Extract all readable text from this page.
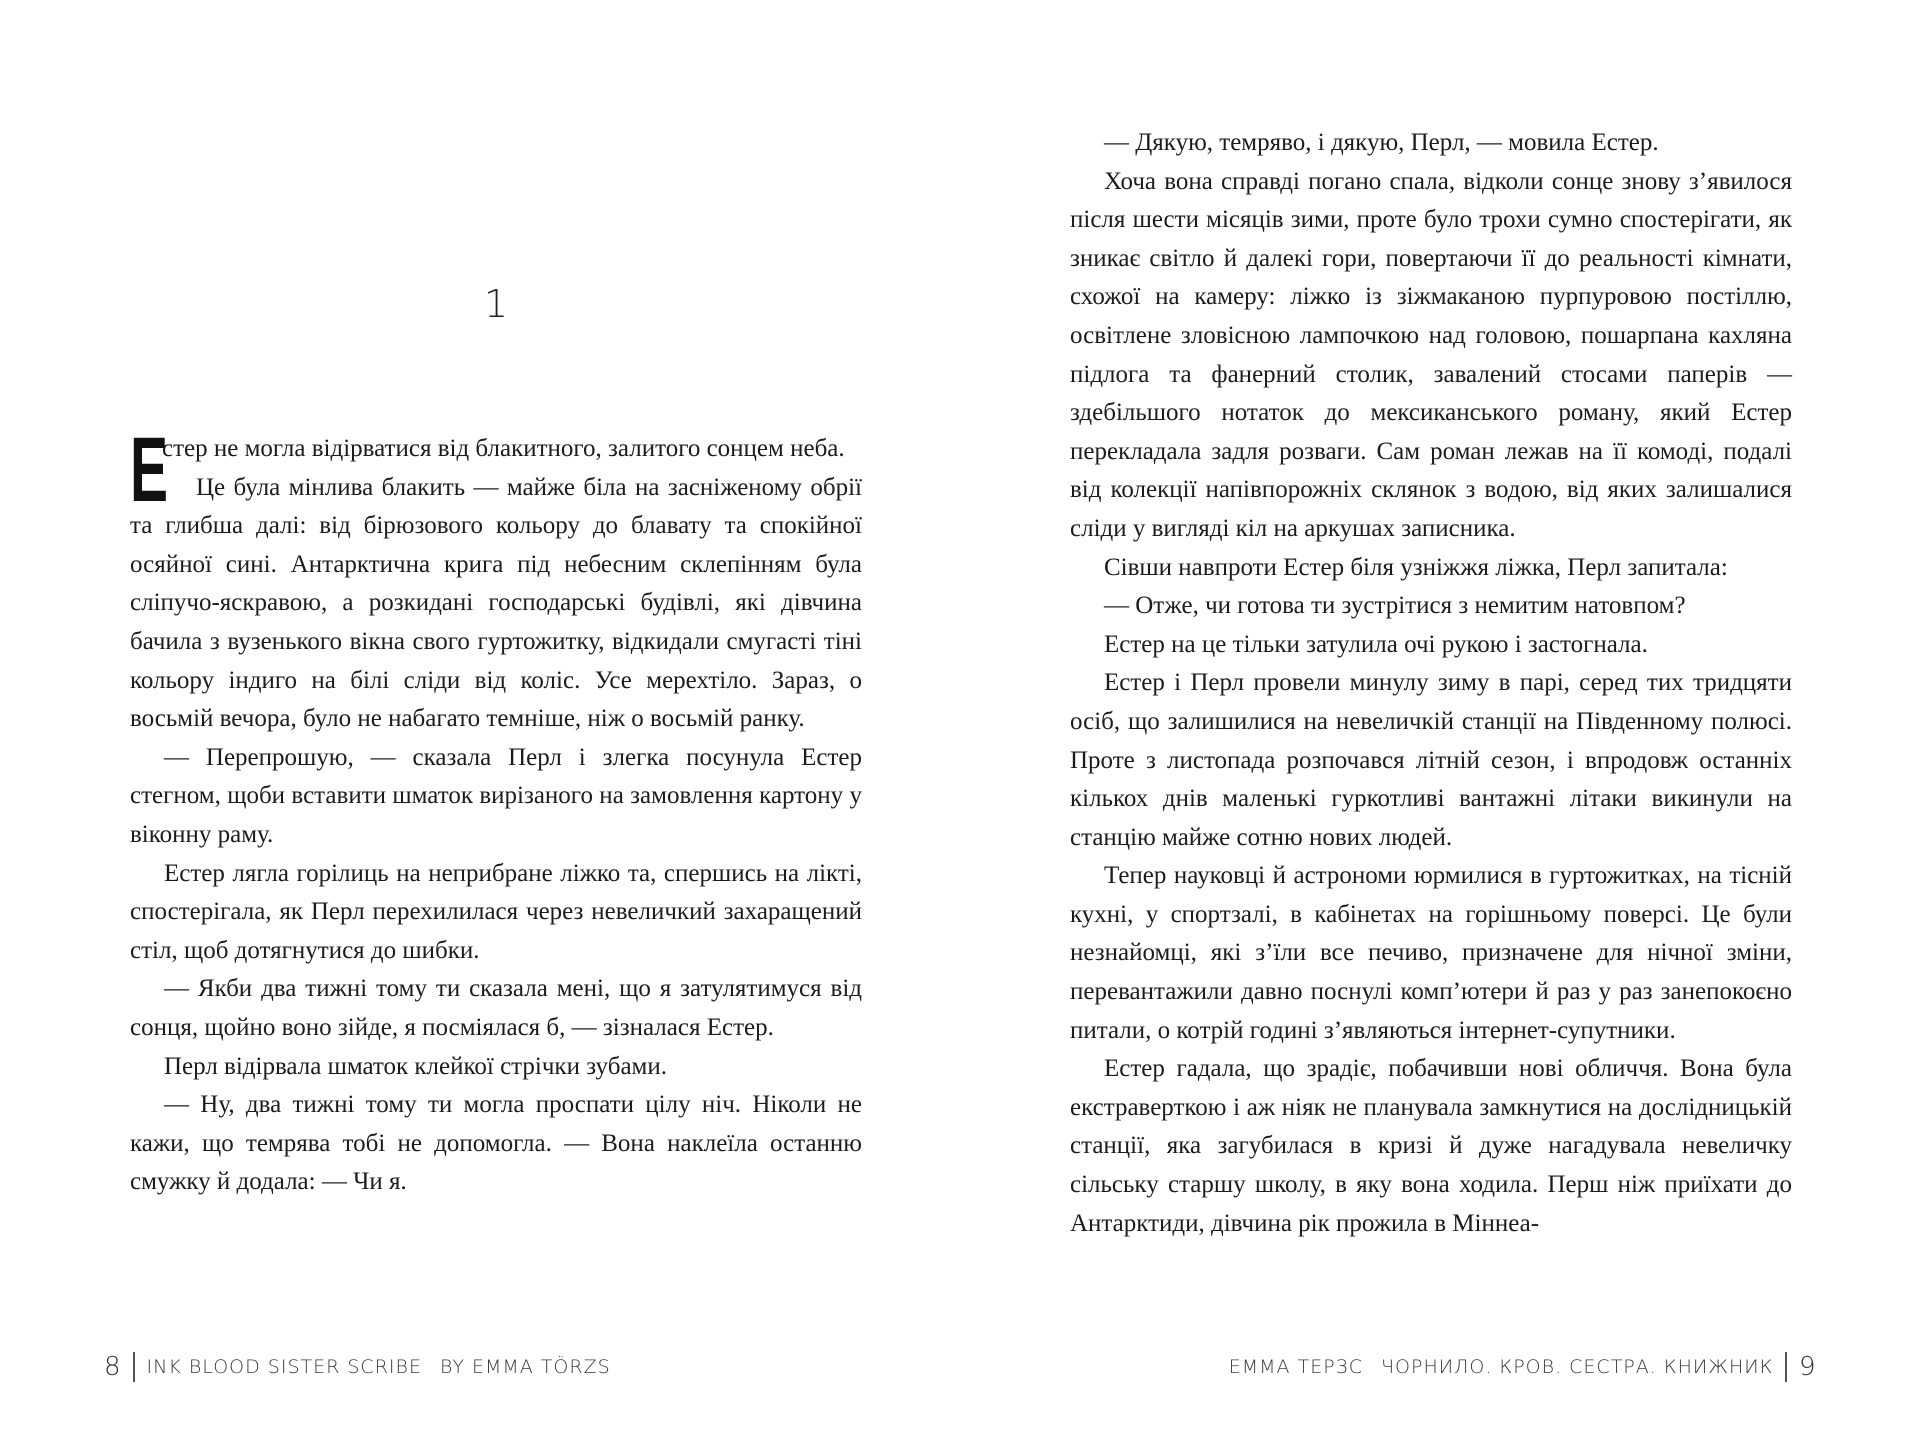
1

Е
стер не могла відірватися від блакитного, залитого сонцем неба.

Це була мінлива блакить — майже біла на засніженому обрії та глибша далі: від бірюзового кольору до блавату та спокійної осяйної сині. Антарктична крига під небесним склепінням була сліпучо-яскравою, а розкидані господарські будівлі, які дівчина бачила з вузенького вікна свого гуртожитку, відкидали смугасті тіні кольору індиго на білі сліди від коліс. Усе мерехтіло. Зараз, о восьмій вечора, було не набагато темніше, ніж о восьмій ранку.

— Перепрошую, — сказала Перл і злегка посунула Естер стегном, щоби вставити шматок вирізаного на замовлення картону у віконну раму.

Естер лягла горілиць на неприбране ліжко та, спершись на лікті, спостерігала, як Перл перехилилася через невеличкий захаращений стіл, щоб дотягнутися до шибки.

— Якби два тижні тому ти сказала мені, що я затулятимуся від сонця, щойно воно зійде, я посміялася б, — зізналася Естер.

Перл відірвала шматок клейкої стрічки зубами.

— Ну, два тижні тому ти могла проспати цілу ніч. Ніколи не кажи, що темрява тобі не допомогла. — Вона наклеїла останню смужку й додала: — Чи я.

8 INK BLOOD SISTER SCRIBE BY EMMA TÖRZS

— Дякую, темряво, і дякую, Перл, — мовила Естер.

Хоча вона справді погано спала, відколи сонце знову з’явилося після шести місяців зими, проте було трохи сумно спостерігати, як зникає світло й далекі гори, повертаючи її до реальності кімнати, схожої на камеру: ліжко із зіжмаканою пурпуровою постіллю, освітлене зловісною лампочкою над головою, пошарпана кахляна підлога та фанерний столик, завалений стосами паперів — здебільшого нотаток до мексиканського роману, який Естер перекладала задля розваги. Сам роман лежав на її комоді, подалі від колекції напівпорожніх склянок з водою, від яких залишалися сліди у вигляді кіл на аркушах записника.

Сівши навпроти Естер біля узніжжя ліжка, Перл запитала:

— Отже, чи готова ти зустрітися з немитим натовпом?

Естер на це тільки затулила очі рукою і застогнала.

Естер і Перл провели минулу зиму в парі, серед тих тридцяти осіб, що залишилися на невеличкій станції на Південному полюсі. Проте з листопада розпочався літній сезон, і впродовж останніх кількох днів маленькі гуркотливі вантажні літаки викинули на станцію майже сотню нових людей.

Тепер науковці й астрономи юрмилися в гуртожитках, на тісній кухні, у спортзалі, в кабінетах на горішньому поверсі. Це були незнайомці, які з’їли все печиво, призначене для нічної зміни, перевантажили давно поснулі комп’ютери й раз у раз занепокоєно питали, о котрій годині з’являються інтернет-супутники.

Естер гадала, що зрадіє, побачивши нові обличчя. Вона була екстраверткою і аж ніяк не планувала замкнутися на дослідницькій станції, яка загубилася в кризі й дуже нагадувала невеличку сільську старшу школу, в яку вона ходила. Перш ніж приїхати до Антарктиди, дівчина рік прожила в Міннеа-

ЕММА ТЕРЗС ЧОРНИЛО. КРОВ. СЕСТРА. КНИЖНИК 9
